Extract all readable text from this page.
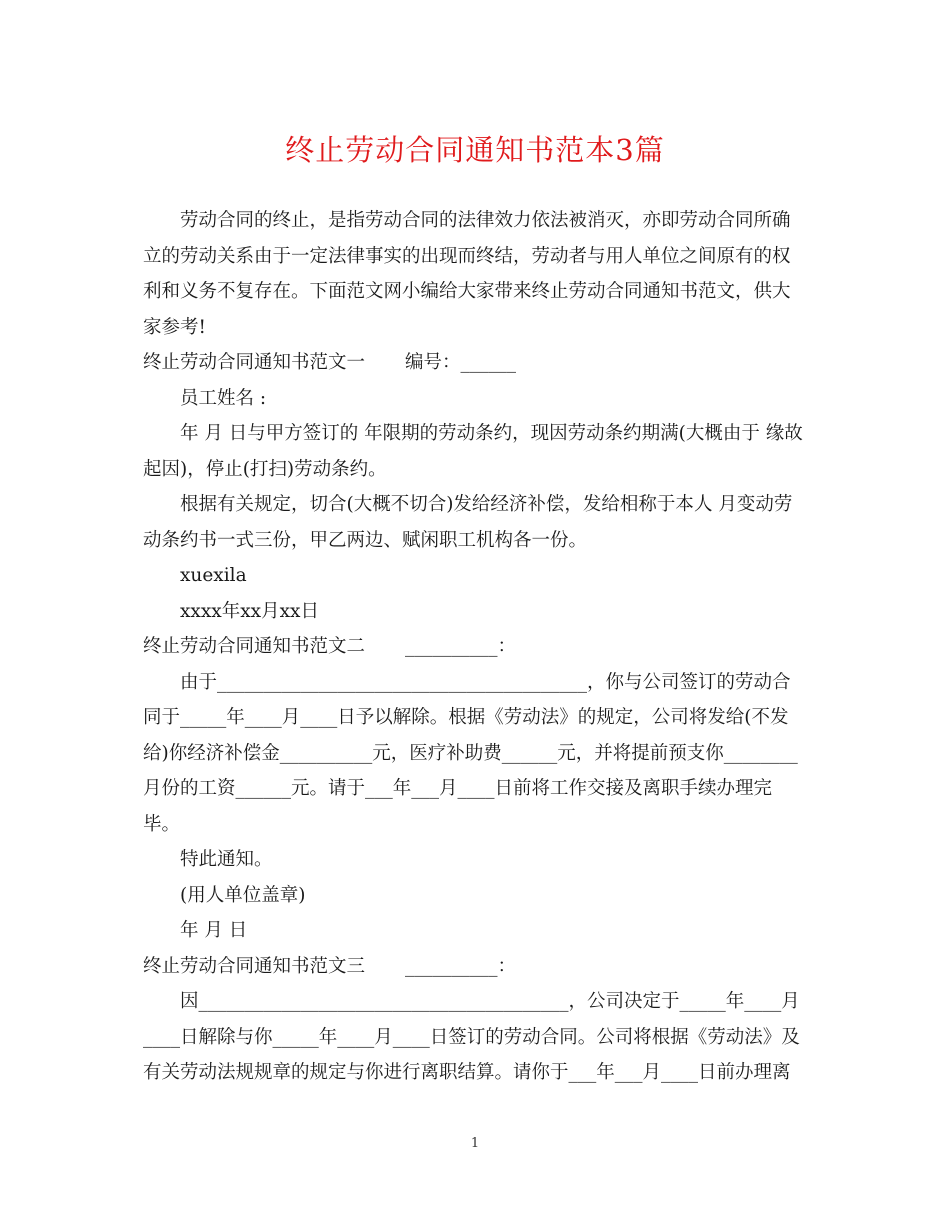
终止劳动合同通知书范本3篇

劳动合同的终止，是指劳动合同的法律效力依法被消灭，亦即劳动合同所确立的劳动关系由于一定法律事实的出现而终结，劳动者与用人单位之间原有的权利和义务不复存在。下面范文网小编给大家带来终止劳动合同通知书范文，供大家参考!

终止劳动合同通知书范文一 编号：______

员工姓名 :

年 月 日与甲方签订的 年限期的劳动条约，现因劳动条约期满(大概由于 缘故起因)，停止(打扫)劳动条约。

根据有关规定，切合(大概不切合)发给经济补偿，发给相称于本人 月变动劳动条约书一式三份，甲乙两边、赋闲职工机构各一份。

xuexila

xxxx年xx月xx日

终止劳动合同通知书范文二 __________：

由于________________________________________，你与公司签订的劳动合同于_____年____月____日予以解除。根据《劳动法》的规定，公司将发给(不发给)你经济补偿金__________元，医疗补助费______元，并将提前预支你________月份的工资______元。请于___年___月____日前将工作交接及离职手续办理完毕。

特此通知。

(用人单位盖章)

年 月 日

终止劳动合同通知书范文三 __________：

因________________________________________，公司决定于_____年____月____日解除与你_____年____月____日签订的劳动合同。公司将根据《劳动法》及有关劳动法规规章的规定与你进行离职结算。请你于___年___月____日前办理离

1
